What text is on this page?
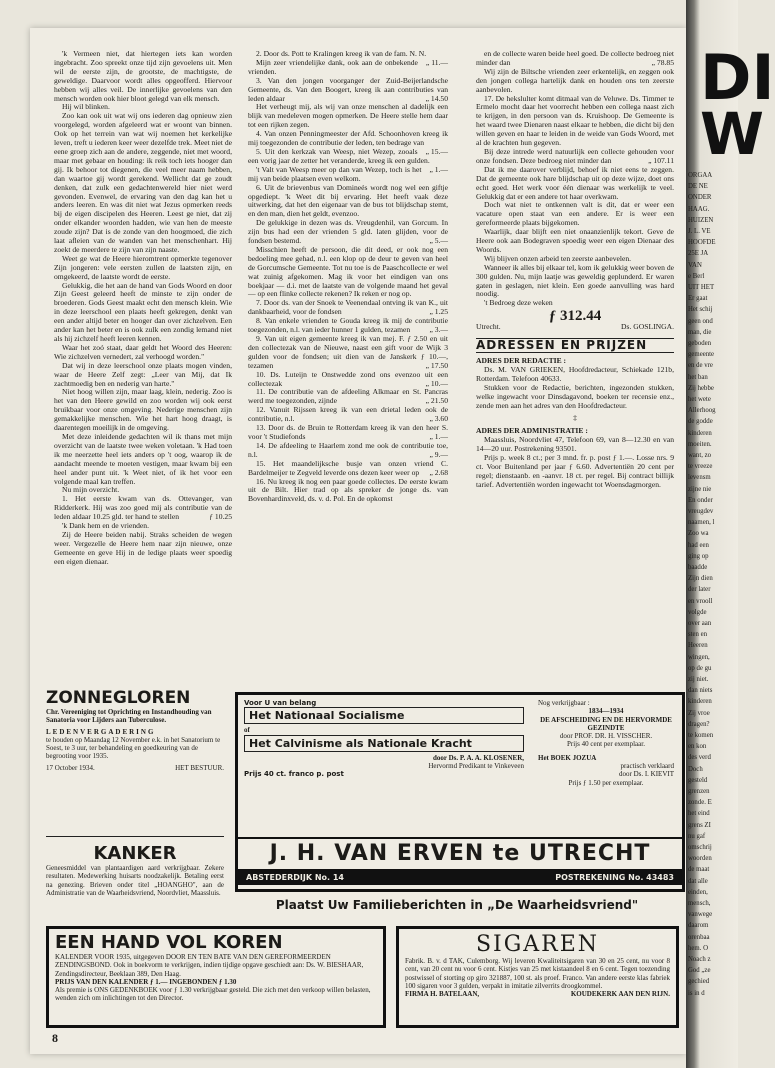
'k Vermeen niet, dat hiertegen iets kan worden ingebracht. Zoo spreekt onze tijd zijn gevoelens uit. Men wil de eerste zijn, de grootste, de machtigste, de geweldige. Daarvoor wordt alles opgeofferd. Hiervoor hebben wij alles veil. De innerlijke gevoelens van den mensch worden ook hier bloot gelegd van elk mensch.

Hij wil blinken.

Zoo kan ook uit wat wij ons iederen dag opnieuw zien voorgelegd, worden afgeleerd wat er woont van binnen. Ook op het terrein van wat wij noemen het kerkelijke leven, treft u iederen keer weer dezelfde trek. Meet niet de eene groep zich aan de andere, zeggende, niet met woord, maar met gebaar en houding: ik reik toch iets hooger dan gij. Ik behoor tot diegenen, die veel meer naam hebben, dan waartoe gij wordt gerekend. Wellicht dat ge zoudt denken, dat zulk een gedachtenwereld hier niet werd gevonden. Evenwel, de ervaring van den dag kan het u anders leeren. En was dit niet wat Jezus opmerken reeds bij de eigen discipelen des Heeren. Leest ge niet, dat zij onder elkander woorden hadden, wie van hen de meeste zoude zijn? Dat is de zonde van den hoogmoed, die zich laat afleien van de wanden van het menschenhart. Hij zoekt de meerdere te zijn van zijn naaste.

Weet ge wat de Heere hieromtrent opmerkte tegenover Zijn jongeren: vele eersten zullen de laatsten zijn, en omgekeerd, de laatste wordt de eerste.

Gelukkig, die het aan de hand van Gods Woord en door Zijn Geest geleerd heeft de minste te zijn onder de broederen. Gods Geest maakt echt den mensch klein. Wie in deze leerschool een plaats heeft gekregen, denkt van een ander altijd beter en hooger dan over zichzelven. Een ander kan het beter en is ook zulk een zondig lemand niet als hij zichzelf heeft leeren kennen.

Waar het zoó staat, daar geldt het Woord des Heeren: Wie zichzelven vernedert, zal verhoogd worden."

Dat wij in deze leerschool onze plaats mogen vinden, waar de Heere Zelf zegt: „Leer van Mij, dat Ik zachtmoedig ben en nederig van harte."

Niet hoog willen zijn, maar laag, klein, nederig. Zoo is het van den Heere gewild en zoo worden wij ook eerst bruikbaar voor onze omgeving. Nederige menschen zijn gemakkelijke menschen. Wie het hart hoog draagt, is daarentegen moeilijk in de omgeving.

Met deze inleidende gedachten wil ik thans met mijn overzicht van de laatste twee weken voletaan. 'k Had toen ik me neerzette heel iets anders op 't oog, waarop ik de aandacht meende te moeten vestigen, maar kwam bij een heel ander punt uit. 'k Weet niet, of ik het voor een volgende maal kan treffen.

Nu mijn overzicht.

1. Het eerste kwam van ds. Ottevanger, van Ridderkerk. Hij was zoo goed mij als contributie van de leden aldaar 10.25 gld. ter hand te stellen	ƒ 10.25

'k Dank hem en de vrienden.

Zij de Heere beiden nabij. Straks scheiden de wegen weer. Vergezelle de Heere hem naar zijn nieuwe, onze Gemeente en geve Hij in de ledige plaats weer spoedig een eigen dienaar.

2. Door ds. Pott te Kralingen kreeg ik van de fam. N. N.
„ 11.—

Mijn zeer vriendelijke dank, ook aan de onbekende vrienden.

3. Van den jongen voorganger der Zuid-Beijerlandsche Gemeente, ds. Van den Boogert, kreeg ik aan contributies van leden aldaar	„ 14.50

Het verheugt mij, als wij van onze menschen al dadelijk een blijk van medeleven mogen opmerken. De Heere stelle hem daar tot een rijken zegen.

4. Van onzen Penningmeester der Afd. Schoonhoven kreeg ik mij toegezonden de contributie der leden, ten bedrage van
„ 15.—

5. Uit den kerkzak van Weesp, niet Wezep, zooals een vorig jaar de zetter het veranderde, kreeg ik een gulden.
„ 1.—

't Valt van Weesp meer op dan van Wezep, toch is het mij van beide plaatsen even welkom.

6. Uit de brievenbus van Domineés wordt nog wel een giftje opgediept. 'k Weet dit bij ervaring. Het heeft vaak deze uitwerking, dat het den eigenaar van de bus tot blijdschap stemt, en den man, dien het geldt, evenzoo.

De gelukkige in dezen was ds. Vreugdenhil, van Gorcum. In zijn bus had een der vrienden 5 gld. laten glijden, voor de fondsen bestemd.	„ 5.—

Misschien heeft de persoon, die dit deed, er ook nog een bedoeling mee gehad, n.l. een klop op de deur te geven van heel de Gorcumsche Gemeente. Tot nu toe is de Paaschcollecte er wel wat zuinig afgekomen. Mag ik voor het eindigen van ons boekjaar — d.i. met de laatste van de volgende maand het geval — op een flinke collecte rekenen? Ik reken er nog op.

7. Door ds. van der Snoek te Veenendaal ontving ik van K., uit dankbaarheid, voor de fondsen	„ 1.25

8. Van enkele vrienden te Gouda kreeg ik mij de contributie toegezonden, n.l. van ieder hunner 1 gulden, tezamen	„ 3.—

9. Van uit eigen gemeente kreeg ik van mej. F. ƒ 2.50 en uit den collectezak van de Nieuwe, naast een gift voor de Wijk 3 gulden voor de fondsen; uit dien van de Janskerk ƒ 10.—, tezamen	„ 17.50

10. Ds. Luteijn te Onstwedde zond ons evenzoo uit een collectezak	„ 10.—

11. De contributie van de afdeeling Alkmaar en St. Pancras werd me toegezonden, zijnde	„ 21.50

12. Vanuit Rijssen kreeg ik van een drietal leden ook de contributie, n.l.	„ 3.60

13. Door ds. de Bruin te Rotterdam kreeg ik van den heer S. voor 't Studiefonds	„ 1.—

14. De afdeeling te Haarlem zond me ook de contributie toe, n.l.	„ 9.—

15. Het maandelijksche busje van onzen vriend C. Bardelmeijer te Zegveld leverde ons dezen keer weer op	„ 2.68

16. Nu kreeg ik nog een paar goede collectes. De eerste kwam uit de Bilt. Hier trad op als spreker de jonge ds. van Bovenhardinxveld, ds. v. d. Pol. En de opkomst

en de collecte waren beide heel goed. De collecte bedroeg niet minder dan	„ 78.85

Wij zijn de Biltsche vrienden zeer erkentelijk, en zeggen ook den jongen collega hartelijk dank en houden ons ten zeerste aanbevolen.

17. De hekslulter komt ditmaal van de Veluwe. Ds. Timmer te Ermelo mocht daar het voorrecht hebben een collega naast zich te krijgen, in den persoon van ds. Kruishoop. De Gemeente is het waard twee Dienaren naast elkaar te hebben, die dicht bij den willen geven en haar te leiden in de weide van Gods Woord, met al de krachten hun gegeven.

Bij deze intrede werd natuurlijk een collecte gehouden voor onze fondsen. Deze bedroeg niet minder dan	„ 107.11

Dat ik me daarover verblijd, behoef ik niet eens te zeggen. Dat de gemeente ook hare blijdschap uit op deze wijze, doet ons echt goed. Het werk voor één dienaar was werkelijk te veel. Gelukkig dat er een andere tot haar overkwam.

Doch wat niet te ontkennen valt is dit, dat er weer een vacature open staat van een andere. Er is weer een gereformeerde plaats bijgekomen.

Waarlijk, daar blijft een niet onaanzienlijk tekort. Geve de Heere ook aan Bodegraven spoedig weer een eigen Dienaar des Woords.

Wij blijven onzen arbeid ten zeerste aanbevelen.

Wanneer ik alles bij elkaar tel, kom ik gelukkig weer boven de 300 gulden. Nu, mijn laatje was geweldig geplunderd. Er waren gaten in geslagen, niet klein. Een goede aanvulling was hard noodig.

't Bedroeg deze weken
ƒ 312.44
Utrecht.	Ds. GOSLINGA.
ADRESSEN EN PRIJZEN
ADRES DER REDACTIE :

Ds. M. VAN GRIEKEN, Hoofdredacteur, Schiekade 121b, Rotterdam. Telefoon 40633.

Stukken voor de Redactie, berichten, ingezonden stukken, welke ingewacht voor Dinsdagavond, boeken ter recensie enz., zende men aan het adres van den Hoofdredacteur.

‡
ADRES DER ADMINISTRATIE :

Maassluis, Noordvliet 47, Telefoon 69, van 8—12.30 en van 14—20 uur. Postrekening 93501.

Prijs p. week 8 ct.; per 3 mnd. fr. p. post ƒ 1.—. Losse nrs. 9 ct. Voor Buitenland per jaar ƒ 6.60. Advertentiën 20 cent per regel; dienstaanb. en -aanvr. 18 ct. per regel. Bij contract billijk tarief. Advertentiën worden ingewacht tot Woensdagmorgen.

ZONNEGLOREN
Chr. Vereeniging tot Oprichting en Instandhouding van Sanatoria voor Lijders aan Tuberculose.
LEDENVERGADERING
te houden op Maandag 12 November e.k. in het Sanatorium te Soest, te 3 uur, ter behandeling en goedkeuring van de begrooting voor 1935.
17 October 1934.	HET BESTUUR.
KANKER
Geneesmiddel van plantaardigen aard verkrijgbaar. Zekere resultaten. Medewerking huisarts noodzakelijk. Betaling eerst na genezing. Brieven onder titel „HOANGHO", aan de Administratie van de Waarheidsvriend, Noordvliet, Maassluis.
Voor U van belang
Het Nationaal Socialisme
of
Het Calvinisme als Nationale Kracht
door Ds. P. A. A. KLOSENER,
Hervormd Predikant te Vinkeveen
Prijs 40 ct. franco p. post
Nog verkrijgbaar :
1834—1934
DE AFSCHEIDING EN DE HERVORMDE GEZINDTE
door PROF. DR. H. VISSCHER.
Prijs 40 cent per exemplaar.
Het BOEK JOZUA
practisch verklaard
door Ds. I. KIEVIT
Prijs ƒ 1.50 per exemplaar.
J. H. VAN ERVEN te UTRECHT
ABSTEDERDIJK No. 14	POSTREKENING No. 43483
Plaatst Uw Familieberichten in „De Waarheidsvriend"
EEN HAND VOL KOREN
KALENDER VOOR 1935, uitgegeven DOOR EN TEN BATE VAN DEN GEREFORMEERDEN ZENDINGSBOND. Ook in boekvorm te verkrijgen, indien tijdige opgave geschiedt aan: Ds. W. BIESHAAR, Zendingsdirecteur, Beeklaan 389, Den Haag.
PRIJS VAN DEN KALENDER ƒ 1.— INGEBONDEN ƒ 1.30
Als premie is ONS GEDENKBOEK voor ƒ 1.30 verkrijgbaar gesteld. Die zich met den verkoop willen belasten, wenden zich om inlichtingen tot den Director.
SIGAREN
Fabrik. B. v. d TAK, Culemborg. Wij leveren Kwaliteitsigaren van 30 en 25 cent, nu voor 8 cent, van 20 cent nu voor 6 cent. Kistjes van 25 met kistaandeel 8 en 6 cent. Tegen toezending postwissel of storting op giro 321887, 100 st. als proef. Franco. Van andere eerste klas fabriek 100 sigaren voor 3 gulden, verpakt in imitatie zilverrits droogkommel.
FIRMA H. BATELAAN,	KOUDEKERK AAN DEN RIJN.
8
DI
W
ORGAA
DE NE
ONDER
HAAG.
HUIZEN
J. L. VE
HOOFDE
25E JA
VAN
e Berl
UIT HET
Er gaat
Het schij
geen ond
man, die
geboden
gemeente
en de vre
het ban
Zij hebbe
het wete
Allerhoog
de godde
kinderen
moeiten.
want, zo
te vreeze
levensm
zijne nie
En onder
vreugdev
naamen, l
Zoo wa
had een
ging op
baadde
Zijn dien
der later
en vrooll
volgde
over aan
sten en
Heeren
wingen,
op de gu
zij niet.
dan niets
kinderen
Zij vroe
dragen?
te komen
en kon
des verd
Doch
gesteld
grenzen
zonde. E
het eind
grens ZI
nu gaf
omschrij
woorden
de maat
dat alle
einden,
mensch,
vanwege
daarom
orenbaa
hem. O
Noach z
God „ze
gechied
is in d
